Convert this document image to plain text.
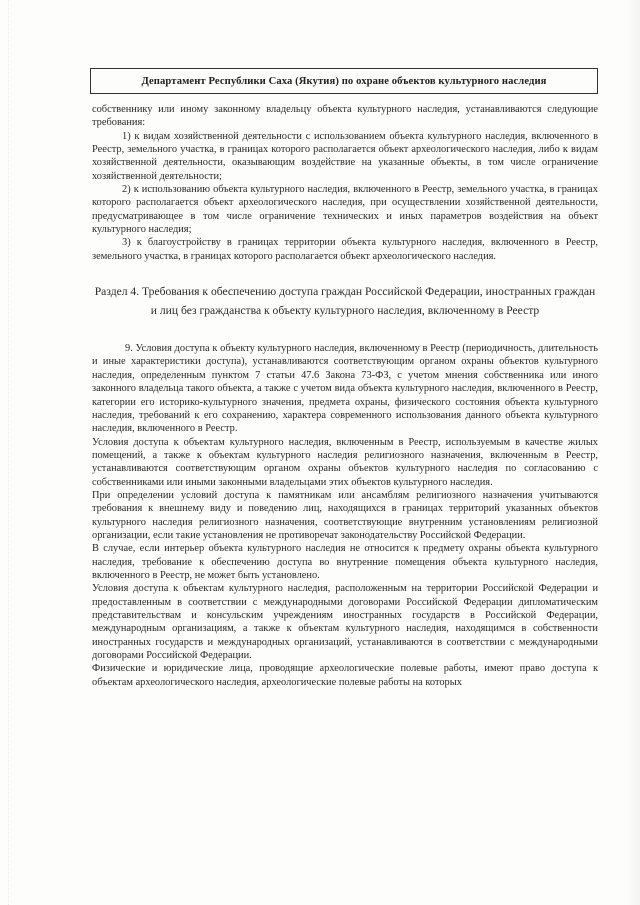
Департамент Республики Саха (Якутия) по охране объектов культурного наследия

собственнику или иному законному владельцу объекта культурного наследия, устанавливаются следующие требования:

1) к видам хозяйственной деятельности с использованием объекта культурного наследия, включенного в Реестр, земельного участка, в границах которого располагается объект археологического наследия, либо к видам хозяйственной деятельности, оказывающим воздействие на указанные объекты, в том числе ограничение хозяйственной деятельности;

2) к использованию объекта культурного наследия, включенного в Реестр, земельного участка, в границах которого располагается объект археологического наследия, при осуществлении хозяйственной деятельности, предусматривающее в том числе ограничение технических и иных параметров воздействия на объект культурного наследия;

3) к благоустройству в границах территории объекта культурного наследия, включенного в Реестр, земельного участка, в границах которого располагается объект археологического наследия.

Раздел 4. Требования к обеспечению доступа граждан Российской Федерации, иностранных граждан и лиц без гражданства к объекту культурного наследия, включенному в Реестр

9. Условия доступа к объекту культурного наследия, включенному в Реестр (периодичность, длительность и иные характеристики доступа), устанавливаются соответствующим органом охраны объектов культурного наследия, определенным пунктом 7 статьи 47.6 Закона 73-ФЗ, с учетом мнения собственника или иного законного владельца такого объекта, а также с учетом вида объекта культурного наследия, включенного в Реестр, категории его историко-культурного значения, предмета охраны, физического состояния объекта культурного наследия, требований к его сохранению, характера современного использования данного объекта культурного наследия, включенного в Реестр.

Условия доступа к объектам культурного наследия, включенным в Реестр, используемым в качестве жилых помещений, а также к объектам культурного наследия религиозного назначения, включенным в Реестр, устанавливаются соответствующим органом охраны объектов культурного наследия по согласованию с собственниками или иными законными владельцами этих объектов культурного наследия.

При определении условий доступа к памятникам или ансамблям религиозного назначения учитываются требования к внешнему виду и поведению лиц, находящихся в границах территорий указанных объектов культурного наследия религиозного назначения, соответствующие внутренним установлениям религиозной организации, если такие установления не противоречат законодательству Российской Федерации.

В случае, если интерьер объекта культурного наследия не относится к предмету охраны объекта культурного наследия, требование к обеспечению доступа во внутренние помещения объекта культурного наследия, включенного в Реестр, не может быть установлено.

Условия доступа к объектам культурного наследия, расположенным на территории Российской Федерации и предоставленным в соответствии с международными договорами Российской Федерации дипломатическим представительствам и консульским учреждениям иностранных государств в Российской Федерации, международным организациям, а также к объектам культурного наследия, находящимся в собственности иностранных государств и международных организаций, устанавливаются в соответствии с международными договорами Российской Федерации.

Физические и юридические лица, проводящие археологические полевые работы, имеют право доступа к объектам археологического наследия, археологические полевые работы на которых
